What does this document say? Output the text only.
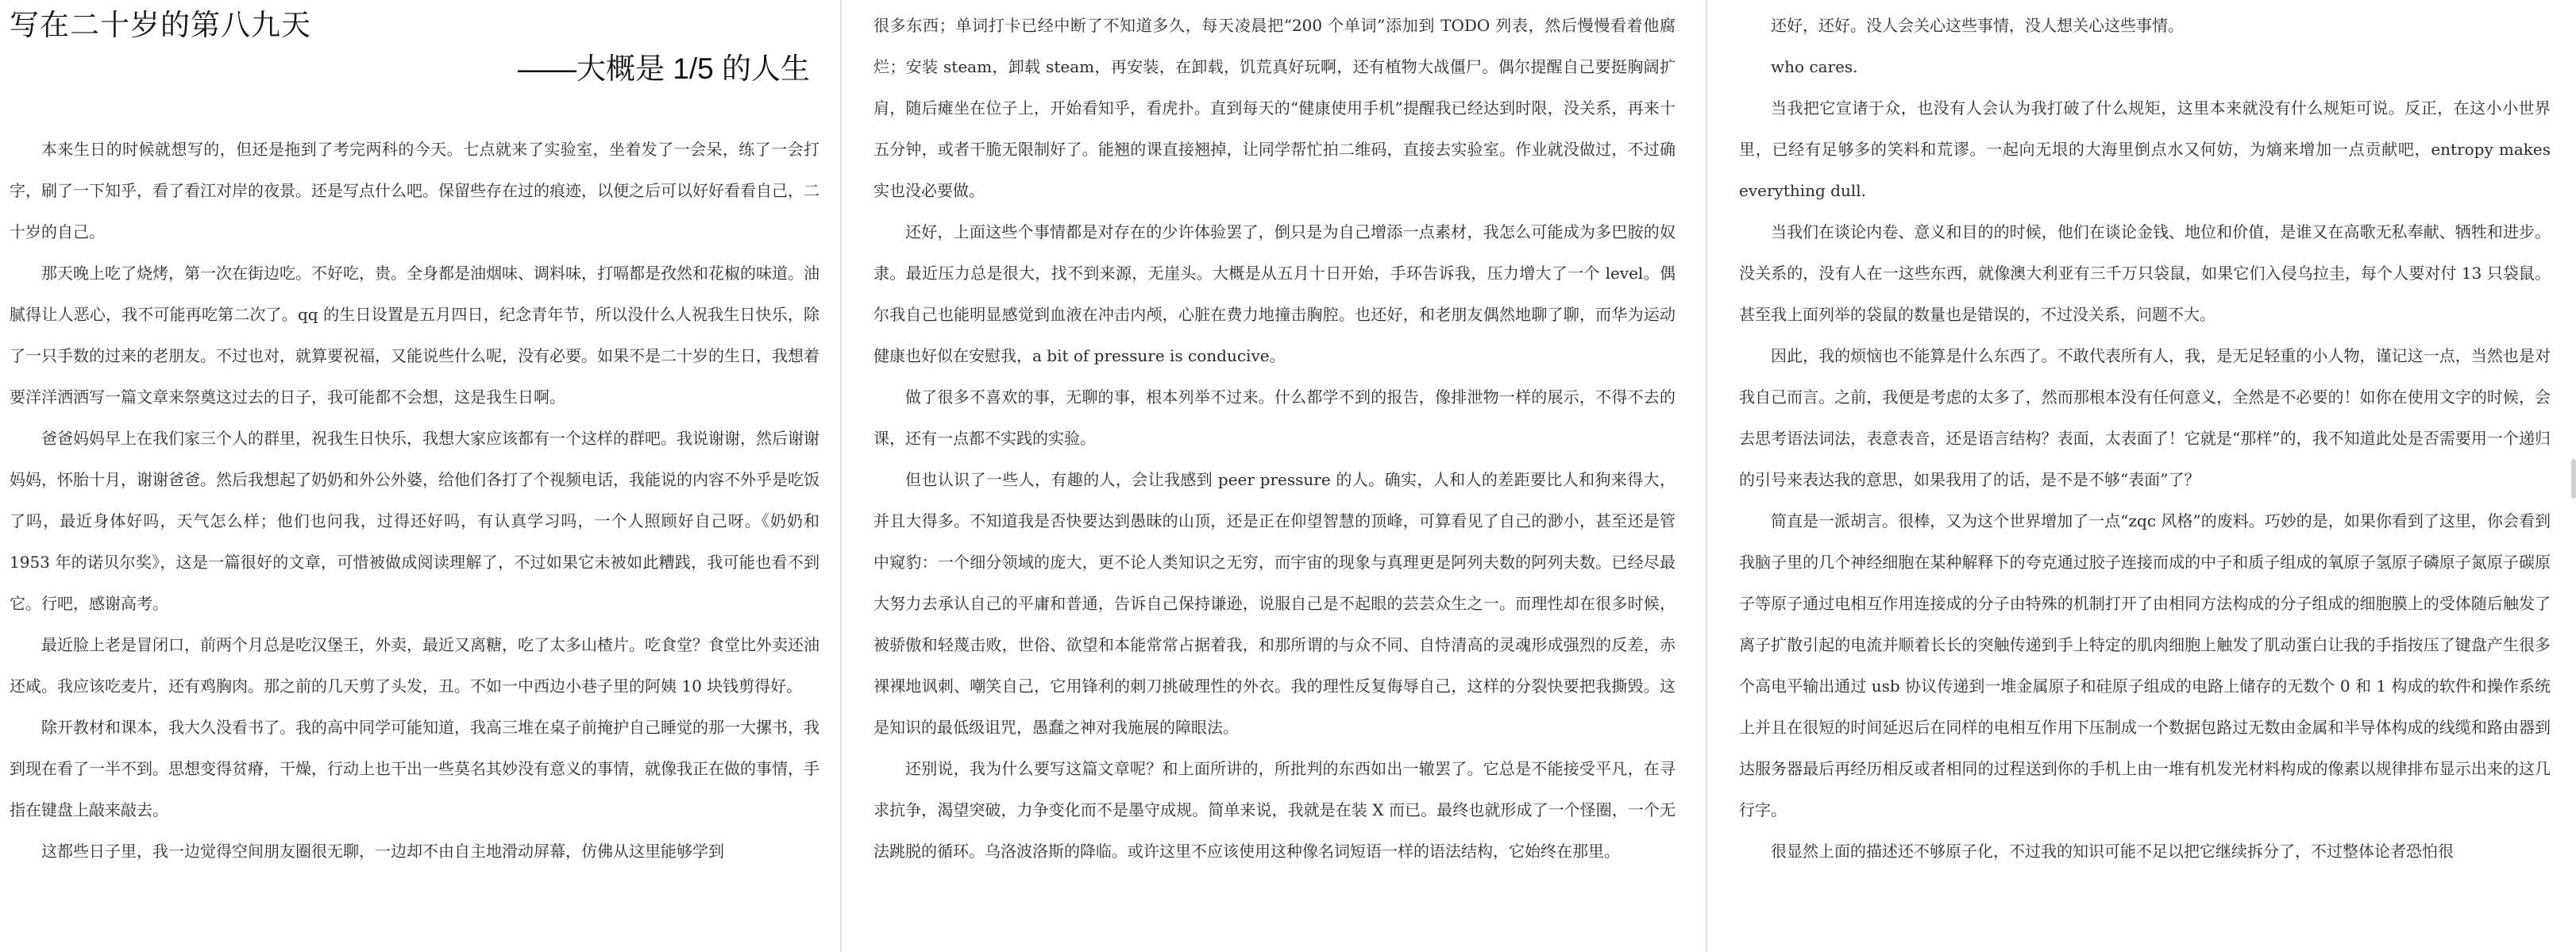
写在二十岁的第八九天
——大概是 1/5 的人生

本来生日的时候就想写的，但还是拖到了考完两科的今天。七点就来了实验室，坐着发了一会呆，练了一会打字，刷了一下知乎，看了看江对岸的夜景。还是写点什么吧。保留些存在过的痕迹，以便之后可以好好看看自己，二十岁的自己。

那天晚上吃了烧烤，第一次在街边吃。不好吃，贵。全身都是油烟味、调料味，打嗝都是孜然和花椒的味道。油腻得让人恶心，我不可能再吃第二次了。qq 的生日设置是五月四日，纪念青年节，所以没什么人祝我生日快乐，除了一只手数的过来的老朋友。不过也对，就算要祝福，又能说些什么呢，没有必要。如果不是二十岁的生日，我想着要洋洋洒洒写一篇文章来祭奠这过去的日子，我可能都不会想，这是我生日啊。

爸爸妈妈早上在我们家三个人的群里，祝我生日快乐，我想大家应该都有一个这样的群吧。我说谢谢，然后谢谢妈妈，怀胎十月，谢谢爸爸。然后我想起了奶奶和外公外婆，给他们各打了个视频电话，我能说的内容不外乎是吃饭了吗，最近身体好吗，天气怎么样；他们也问我，过得还好吗，有认真学习吗，一个人照顾好自己呀。《奶奶和 1953 年的诺贝尔奖》，这是一篇很好的文章，可惜被做成阅读理解了，不过如果它未被如此糟践，我可能也看不到它。行吧，感谢高考。

最近脸上老是冒闭口，前两个月总是吃汉堡王，外卖，最近又离糖，吃了太多山楂片。吃食堂？食堂比外卖还油还咸。我应该吃麦片，还有鸡胸肉。那之前的几天剪了头发，丑。不如一中西边小巷子里的阿姨 10 块钱剪得好。

除开教材和课本，我大久没看书了。我的高中同学可能知道，我高三堆在桌子前掩护自己睡觉的那一大摞书，我到现在看了一半不到。思想变得贫瘠，干燥，行动上也干出一些莫名其妙没有意义的事情，就像我正在做的事情，手指在键盘上敲来敲去。

这都些日子里，我一边觉得空间朋友圈很无聊，一边却不由自主地滑动屏幕，仿佛从这里能够学到

很多东西；单词打卡已经中断了不知道多久，每天凌晨把“200 个单词”添加到 TODO 列表，然后慢慢看着他腐烂；安装 steam，卸载 steam，再安装，在卸载，饥荒真好玩啊，还有植物大战僵尸。偶尔提醒自己要挺胸阔扩肩，随后瘫坐在位子上，开始看知乎，看虎扑。直到每天的“健康使用手机”提醒我已经达到时限，没关系，再来十五分钟，或者干脆无限制好了。能翘的课直接翘掉，让同学帮忙拍二维码，直接去实验室。作业就没做过，不过确实也没必要做。

还好，上面这些个事情都是对存在的少许体验罢了，倒只是为自己增添一点素材，我怎么可能成为多巴胺的奴隶。最近压力总是很大，找不到来源，无崖头。大概是从五月十日开始，手环告诉我，压力增大了一个 level。偶尔我自己也能明显感觉到血液在冲击内颅，心脏在费力地撞击胸腔。也还好，和老朋友偶然地聊了聊，而华为运动健康也好似在安慰我，a bit of pressure is conducive。

做了很多不喜欢的事，无聊的事，根本列举不过来。什么都学不到的报告，像排泄物一样的展示，不得不去的课，还有一点都不实践的实验。

但也认识了一些人，有趣的人，会让我感到 peer pressure 的人。确实，人和人的差距要比人和狗来得大，并且大得多。不知道我是否快要达到愚昧的山顶，还是正在仰望智慧的顶峰，可算看见了自己的渺小，甚至还是管中窥豹：一个细分领域的庞大，更不论人类知识之无穷，而宇宙的现象与真理更是阿列夫数的阿列夫数。已经尽最大努力去承认自己的平庸和普通，告诉自己保持谦逊，说服自己是不起眼的芸芸众生之一。而理性却在很多时候，被骄傲和轻蔑击败，世俗、欲望和本能常常占据着我，和那所谓的与众不同、自恃清高的灵魂形成强烈的反差，赤裸裸地讽刺、嘲笑自己，它用锋利的刺刀挑破理性的外衣。我的理性反复侮辱自己，这样的分裂快要把我撕毁。这是知识的最低级诅咒，愚蠢之神对我施展的障眼法。

还别说，我为什么要写这篇文章呢？和上面所讲的，所批判的东西如出一辙罢了。它总是不能接受平凡，在寻求抗争，渴望突破，力争变化而不是墨守成规。简单来说，我就是在装 X 而已。最终也就形成了一个怪圈，一个无法跳脱的循环。乌洛波洛斯的降临。或许这里不应该使用这种像名词短语一样的语法结构，它始终在那里。

还好，还好。没人会关心这些事情，没人想关心这些事情。

who cares.

当我把它宣诸于众，也没有人会认为我打破了什么规矩，这里本来就没有什么规矩可说。反正，在这小小世界里，已经有足够多的笑料和荒谬。一起向无垠的大海里倒点水又何妨，为熵来增加一点贡献吧，entropy makes everything dull.

当我们在谈论内卷、意义和目的的时候，他们在谈论金钱、地位和价值，是谁又在高歌无私奉献、牺牲和进步。没关系的，没有人在一这些东西，就像澳大利亚有三千万只袋鼠，如果它们入侵乌拉圭，每个人要对付 13 只袋鼠。甚至我上面列举的袋鼠的数量也是错误的，不过没关系，问题不大。

因此，我的烦恼也不能算是什么东西了。不敢代表所有人，我，是无足轻重的小人物，谨记这一点，当然也是对我自己而言。之前，我便是考虑的太多了，然而那根本没有任何意义，全然是不必要的！如你在使用文字的时候，会去思考语法词法，表意表音，还是语言结构？表面，太表面了！它就是“那样”的，我不知道此处是否需要用一个递归的引号来表达我的意思，如果我用了的话，是不是不够“表面”了？

简直是一派胡言。很棒，又为这个世界增加了一点“zqc 风格”的废料。巧妙的是，如果你看到了这里，你会看到我脑子里的几个神经细胞在某种解释下的夸克通过胶子连接而成的中子和质子组成的氧原子氢原子磷原子氮原子碳原子等原子通过电相互作用连接成的分子由特殊的机制打开了由相同方法构成的分子组成的细胞膜上的受体随后触发了离子扩散引起的电流并顺着长长的突触传递到手上特定的肌肉细胞上触发了肌动蛋白让我的手指按压了键盘产生很多个高电平输出通过 usb 协议传递到一堆金属原子和硅原子组成的电路上储存的无数个 0 和 1 构成的软件和操作系统上并且在很短的时间延迟后在同样的电相互作用下压制成一个数据包路过无数由金属和半导体构成的线缆和路由器到达服务器最后再经历相反或者相同的过程送到你的手机上由一堆有机发光材料构成的像素以规律排布显示出来的这几行字。

很显然上面的描述还不够原子化，不过我的知识可能不足以把它继续拆分了，不过整体论者恐怕很
